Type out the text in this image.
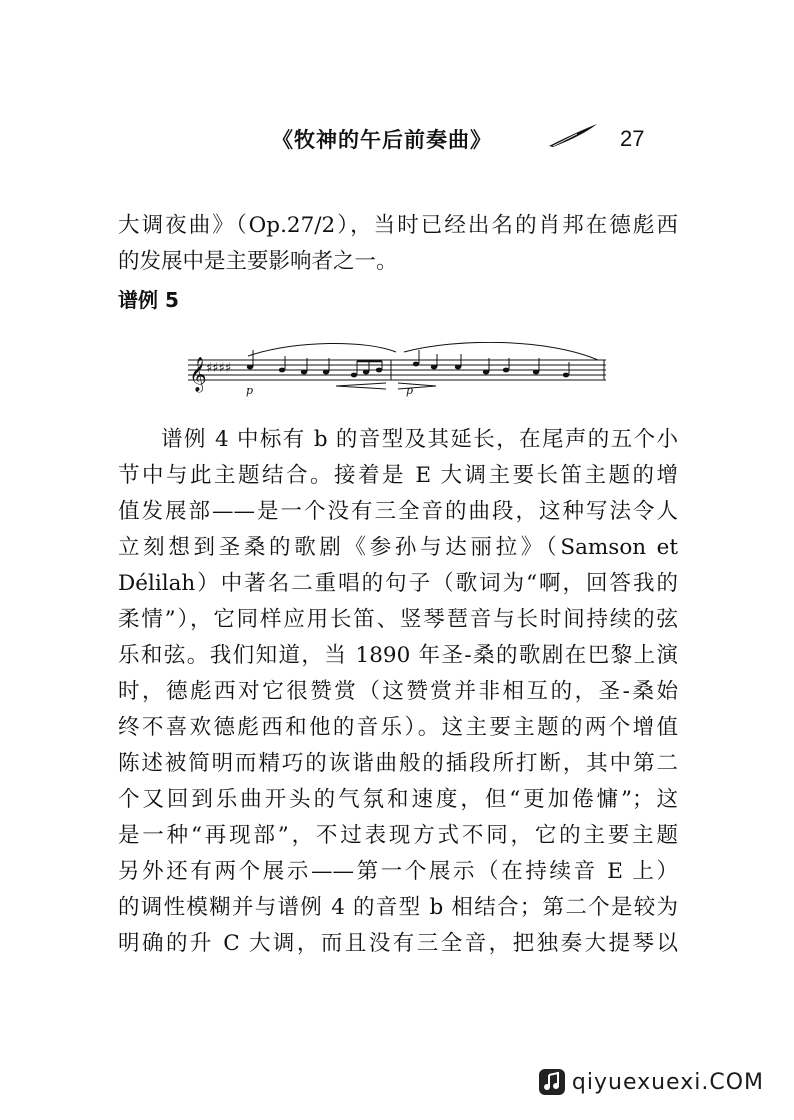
《牧神的午后前奏曲》	27
大调夜曲》（Op.27/2），当时已经出名的肖邦在德彪西
的发展中是主要影响者之一。
谱例 5
谱例 4 中标有 b 的音型及其延长，在尾声的五个小
节中与此主题结合。接着是 E 大调主要长笛主题的增
值发展部——是一个没有三全音的曲段，这种写法令人
立刻想到圣桑的歌剧《参孙与达丽拉》（Samson et
Délilah）中著名二重唱的句子（歌词为“啊，回答我的
柔情”），它同样应用长笛、竖琴琶音与长时间持续的弦
乐和弦。我们知道，当 1890 年圣-桑的歌剧在巴黎上演
时，德彪西对它很赞赏（这赞赏并非相互的，圣-桑始
终不喜欢德彪西和他的音乐）。这主要主题的两个增值
陈述被简明而精巧的诙谐曲般的插段所打断，其中第二
个又回到乐曲开头的气氛和速度，但“更加倦慵”；这
是一种“再现部”，不过表现方式不同，它的主要主题
另外还有两个展示——第一个展示（在持续音 E 上）
的调性模糊并与谱例 4 的音型 b 相结合；第二个是较为
明确的升 C 大调，而且没有三全音，把独奏大提琴以
𝄞 ♯♯♯♯
p	p
qiyuexuexi.COM
